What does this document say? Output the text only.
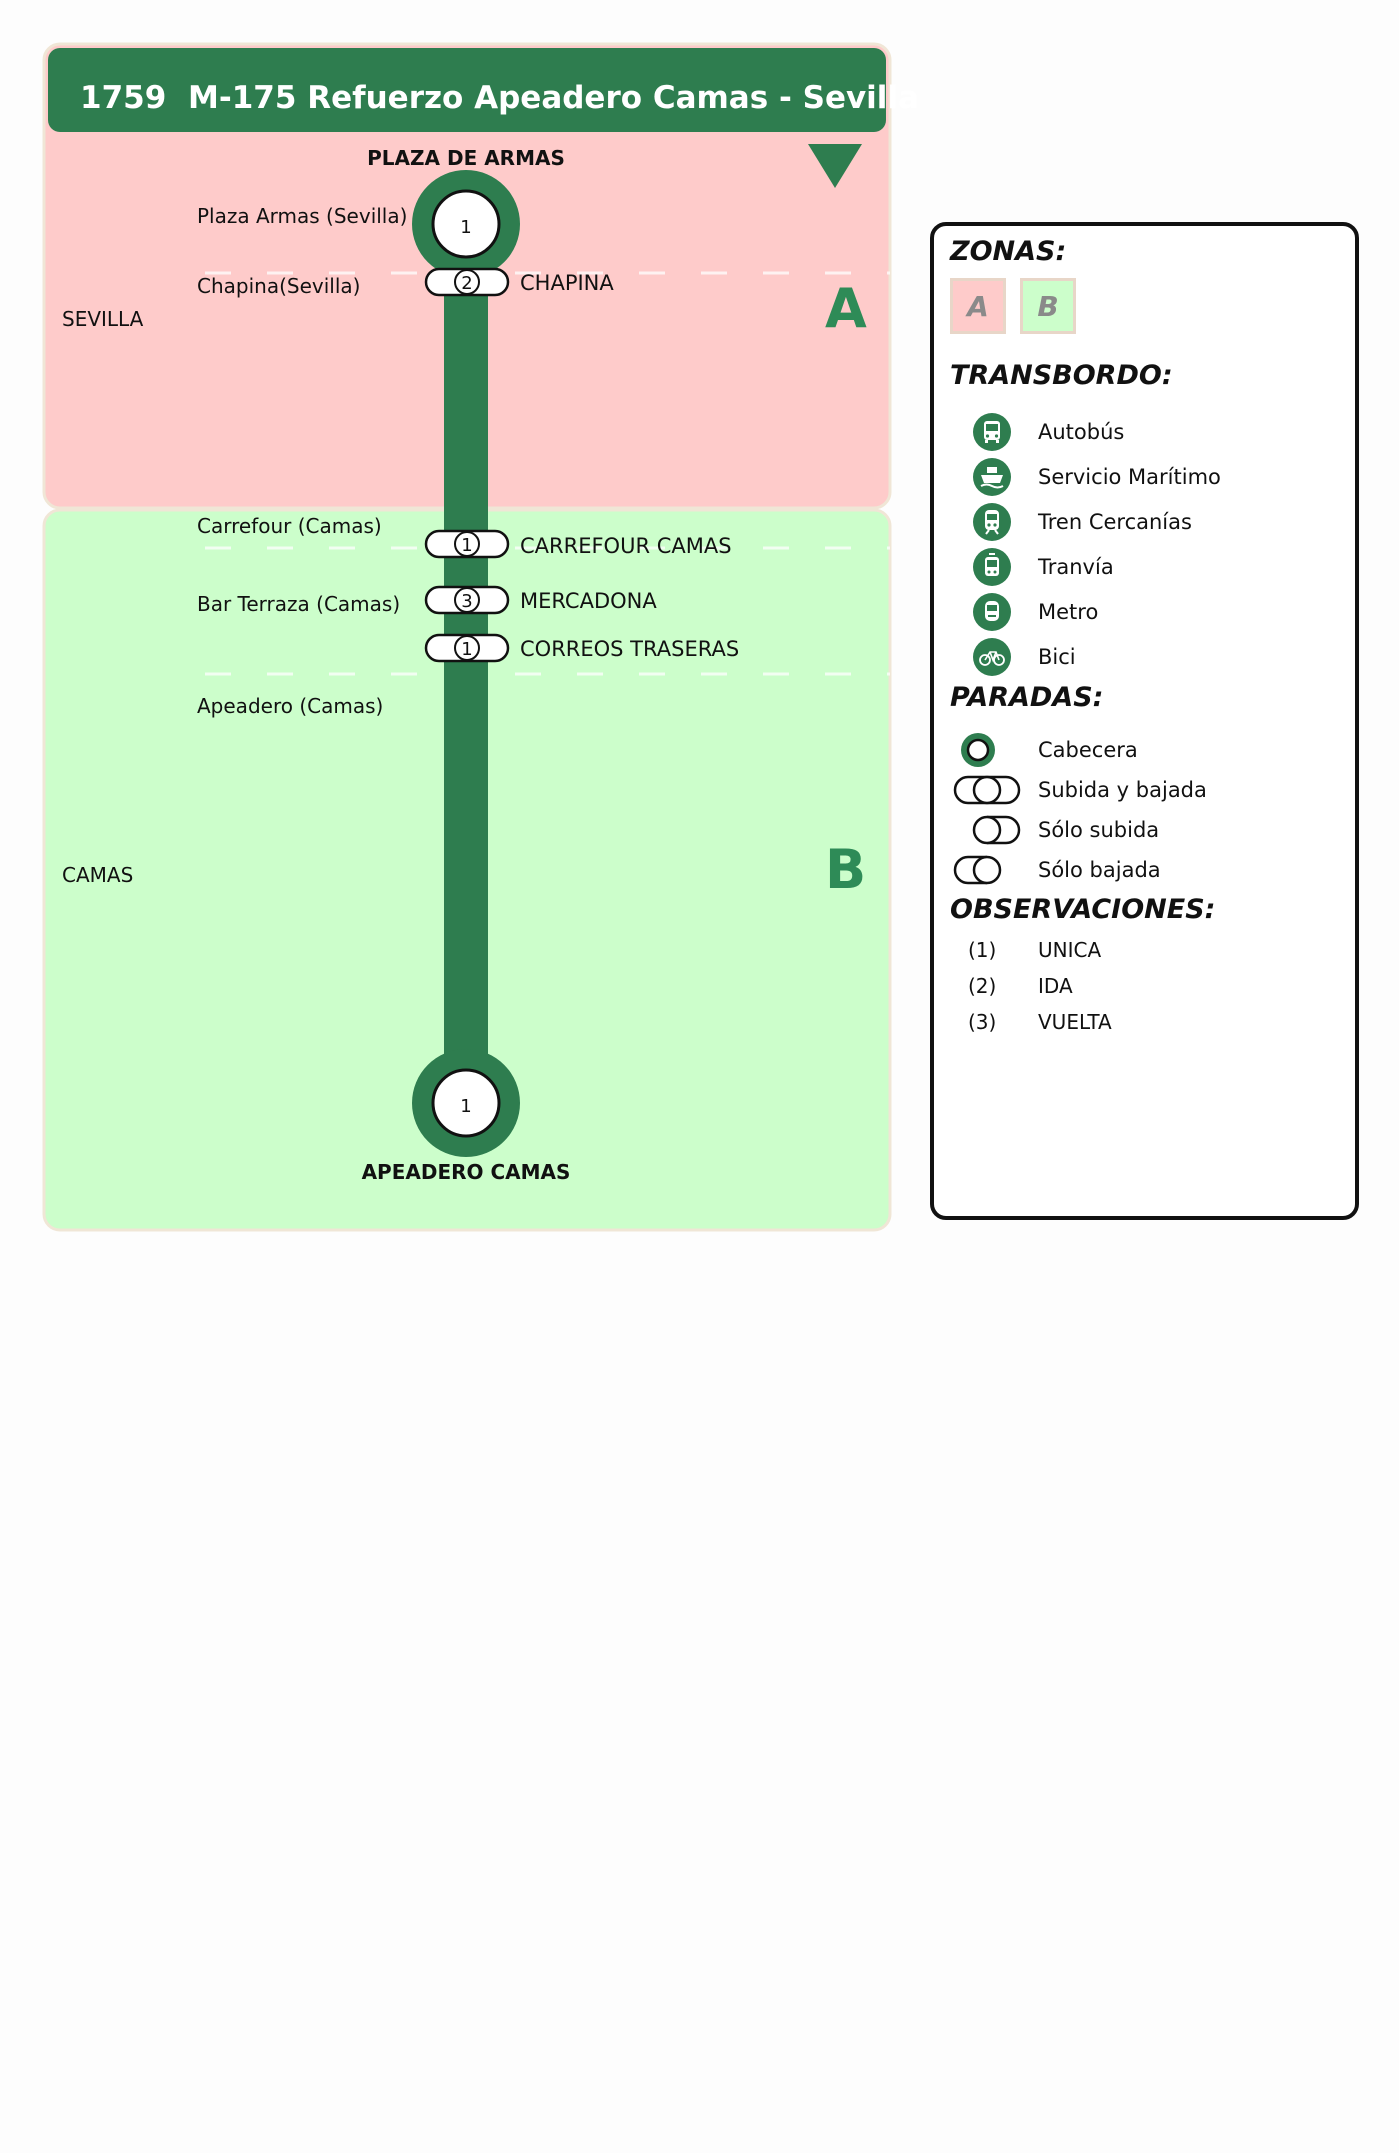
1759 M-175 Refuerzo Apeadero Camas - Sevilla
SEVILLA	A
CAMAS	B
PLAZA DE ARMAS
1
Plaza Armas (Sevilla)
Chapina(Sevilla)	2 CHAPINA
Carrefour (Camas)
1 CARREFOUR CAMAS
Bar Terraza (Camas)	3 MERCADONA
1 CORREOS TRASERAS
Apeadero (Camas)
1
APEADERO CAMAS
ZONAS:
A	B
TRANSBORDO:
Autobús
Servicio Marítimo
Tren Cercanías
Tranvía
Metro
Bici
PARADAS:
Cabecera
Subida y bajada
Sólo subida
Sólo bajada
OBSERVACIONES:
(1) UNICA
(2) IDA
(3) VUELTA
